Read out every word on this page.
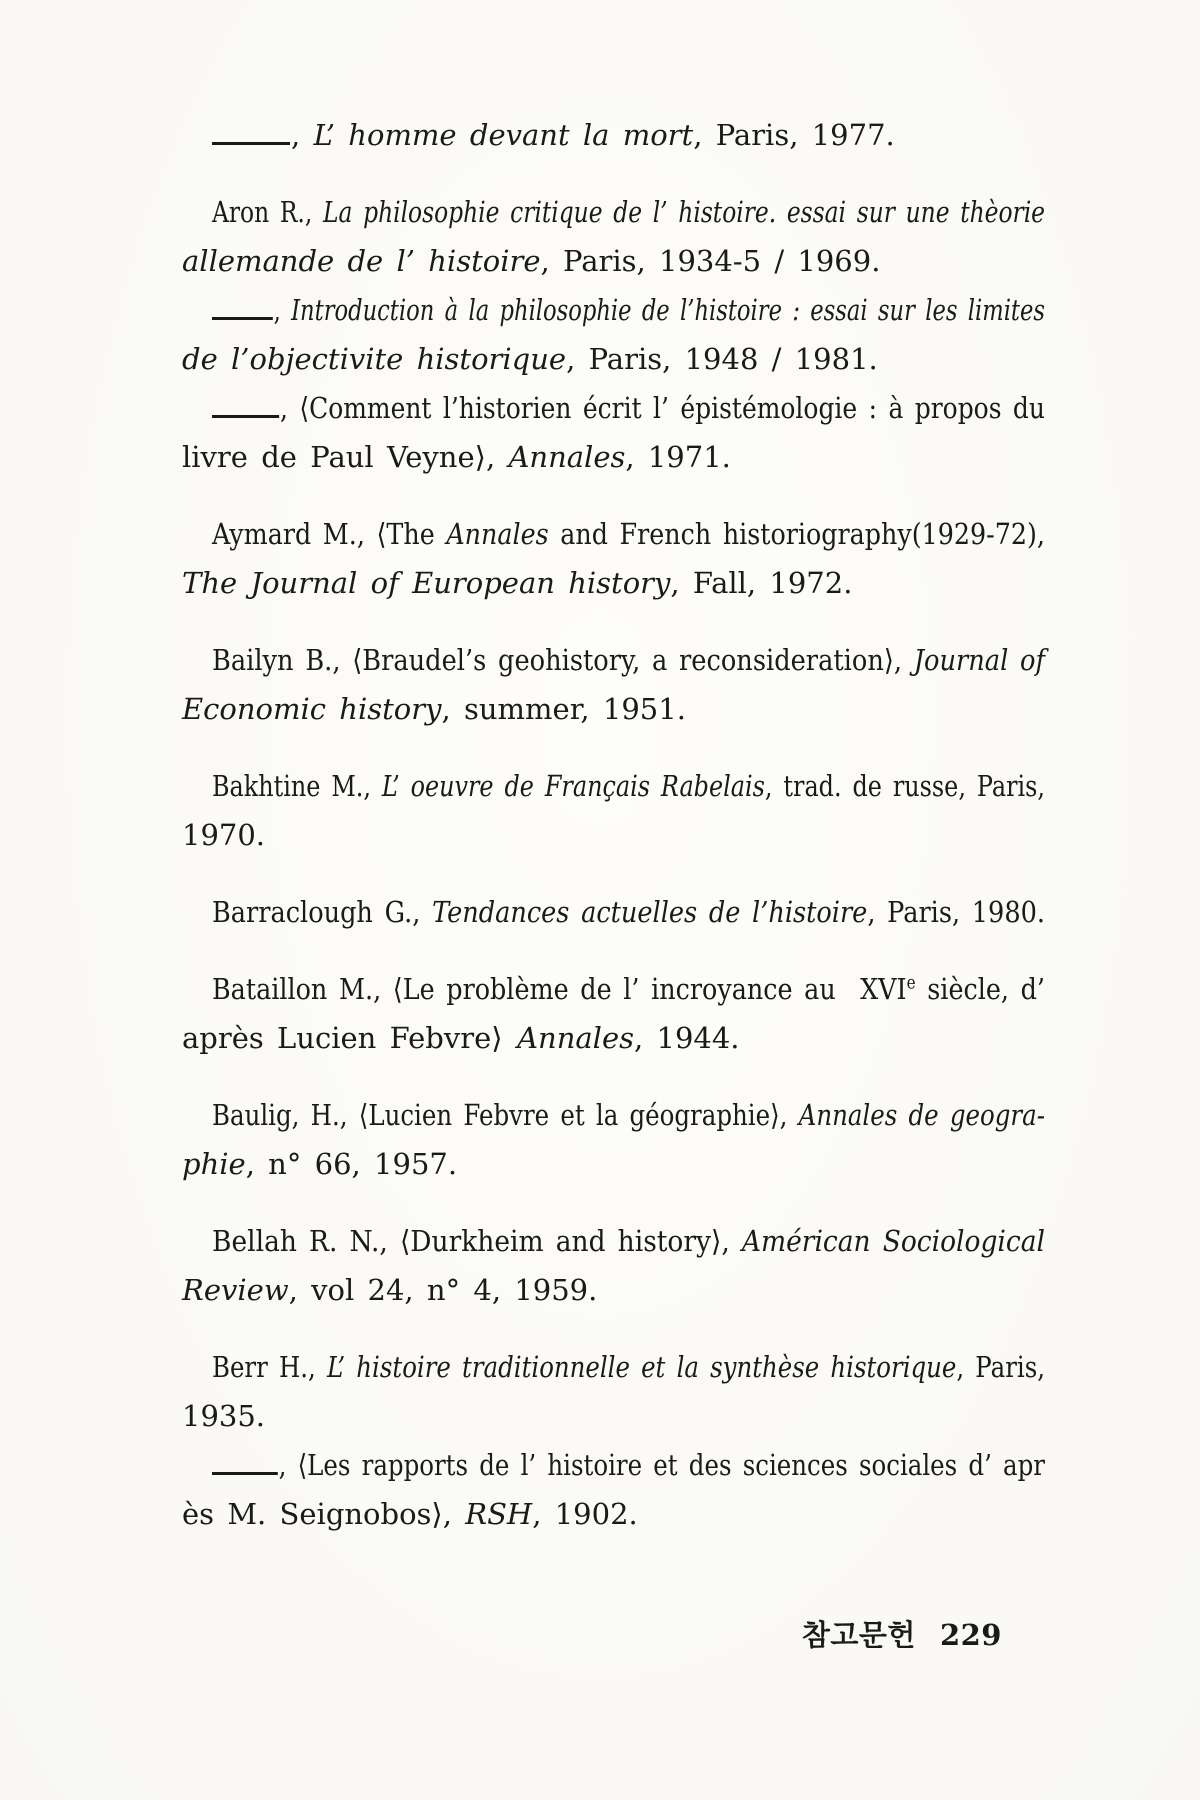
, L’ homme devant la mort, Paris, 1977.
Aron R., La philosophie critique de l’ histoire. essai sur une thèorie
allemande de l’ histoire, Paris, 1934-5 / 1969.
, Introduction à la philosophie de l’histoire : essai sur les limites
de l’objectivite historique, Paris, 1948 / 1981.
, ⟨Comment l’historien écrit l’ épistémologie : à propos du
livre de Paul Veyne⟩, Annales, 1971.
Aymard M., ⟨The Annales and French historiography(1929-72),
The Journal of European history, Fall, 1972.
Bailyn B., ⟨Braudel’s geohistory, a reconsideration⟩, Journal of
Economic history, summer, 1951.
Bakhtine M., L’ oeuvre de Français Rabelais, trad. de russe, Paris,
1970.
Barraclough G., Tendances actuelles de l’histoire, Paris, 1980.
Bataillon M., ⟨Le problème de l’ incroyance au  XVIe siècle, d’
après Lucien Febvre⟩ Annales, 1944.
Baulig, H., ⟨Lucien Febvre et la géographie⟩, Annales de geogra-
phie, n° 66, 1957.
Bellah R. N., ⟨Durkheim and history⟩, Américan Sociological
Review, vol 24, n° 4, 1959.
Berr H., L’ histoire traditionnelle et la synthèse historique, Paris,
1935.
, ⟨Les rapports de l’ histoire et des sciences sociales d’ apr
ès M. Seignobos⟩, RSH, 1902.
참고문헌 229
